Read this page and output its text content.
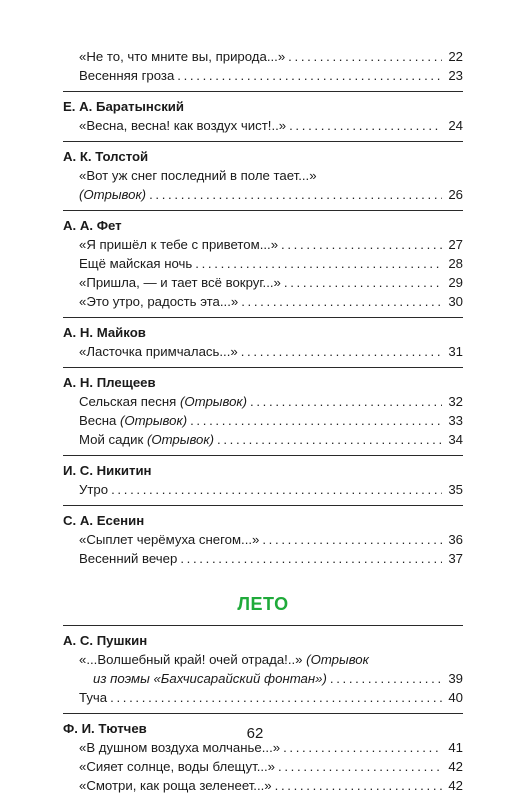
«Не то, что мните вы, природа...» . . .	22
Весенняя гроза . . .	23
Е. А. Баратынский
«Весна, весна! как воздух чист!..» . . .	24
А. К. Толстой
«Вот уж снег последний в поле тает...»
(Отрывок) . . .	26
А. А. Фет
«Я пришёл к тебе с приветом...» . . .	27
Ещё майская ночь . . .	28
«Пришла, — и тает всё вокруг...» . . .	29
«Это утро, радость эта...» . . .	30
А. Н. Майков
«Ласточка примчалась...» . . .	31
А. Н. Плещеев
Сельская песня (Отрывок) . . .	32
Весна (Отрывок) . . .	33
Мой садик (Отрывок) . . .	34
И. С. Никитин
Утро . . .	35
С. А. Есенин
«Сыплет черёмуха снегом...» . . .	36
Весенний вечер . . .	37
ЛЕТО
А. С. Пушкин
«...Волшебный край! очей отрада!..» (Отрывок
из поэмы «Бахчисарайский фонтан») . . .	39
Туча . . .	40
Ф. И. Тютчев
«В душном воздуха молчанье...» . . .	41
«Сияет солнце, воды блещут...» . . .	42
«Смотри, как роща зеленеет...» . . .	42
62
